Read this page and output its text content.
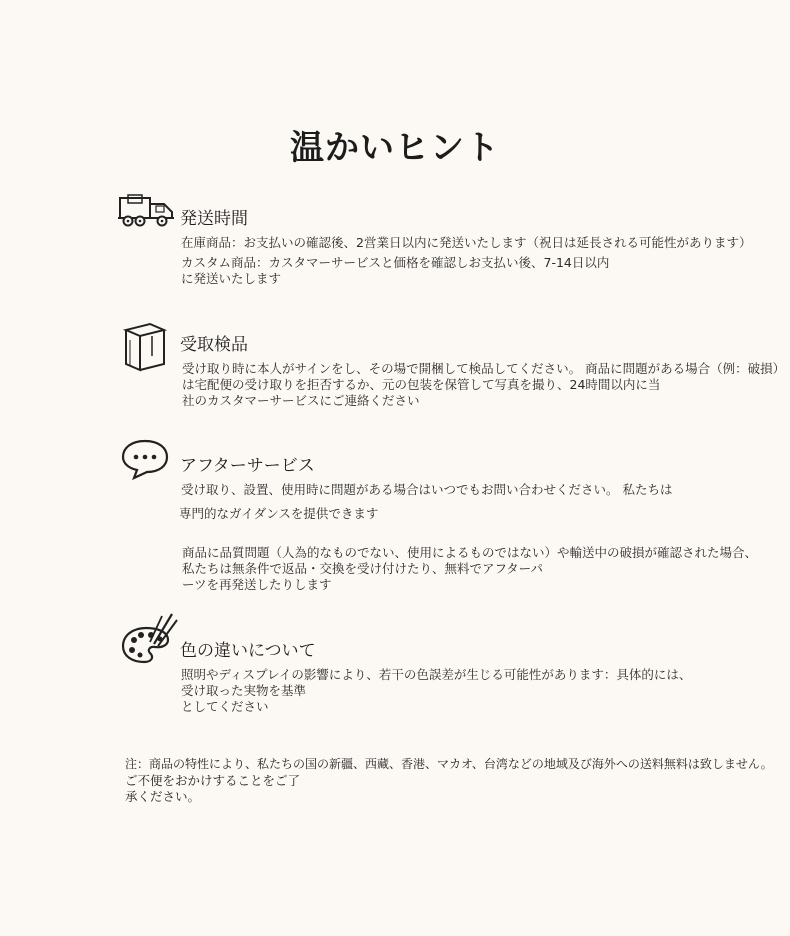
温かいヒント
発送時間
在庫商品：お支払いの確認後、2営業日以内に発送いたします（祝日は延長される可能性があります）
カスタム商品：カスタマーサービスと価格を確認しお支払い後、7-14日以内
に発送いたします
受取検品
受け取り時に本人がサインをし、その場で開梱して検品してください。 商品に問題がある場合（例：破損）
は宅配便の受け取りを拒否するか、元の包装を保管して写真を撮り、24時間以内に当
社のカスタマーサービスにご連絡ください
アフターサービス
受け取り、設置、使用時に問題がある場合はいつでもお問い合わせください。 私たちは
専門的なガイダンスを提供できます
商品に品質問題（人為的なものでない、使用によるものではない）や輸送中の破損が確認された場合、
私たちは無条件で返品・交換を受け付けたり、無料でアフターパ
ーツを再発送したりします
色の違いについて
照明やディスプレイの影響により、若干の色誤差が生じる可能性があります：具体的には、
受け取った実物を基準
としてください
注：商品の特性により、私たちの国の新疆、西藏、香港、マカオ、台湾などの地域及び海外への送料無料は致しません。
ご不便をおかけすることをご了
承ください。
